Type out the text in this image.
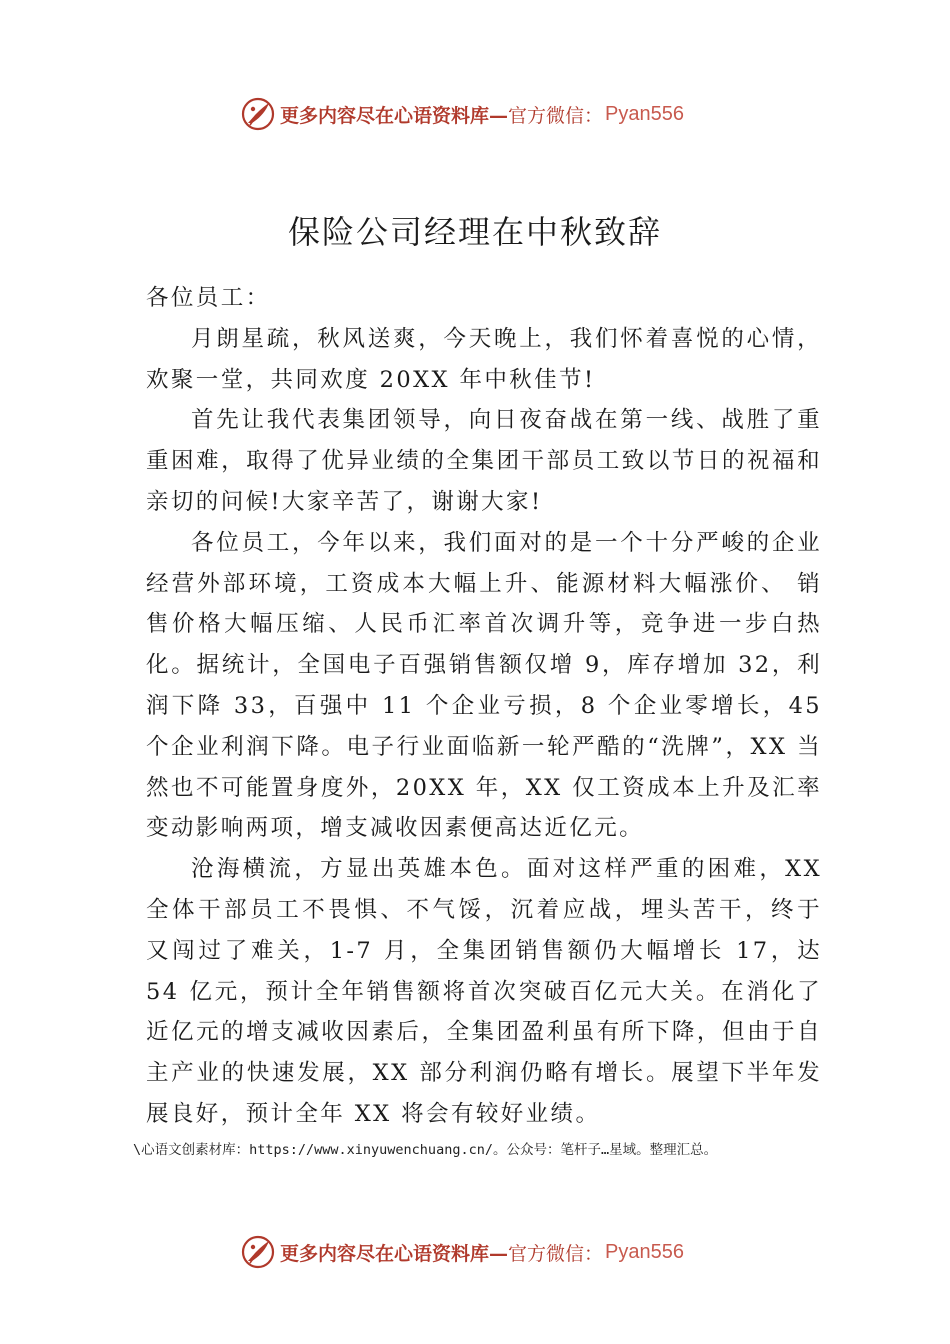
更多内容尽在心语资料库— 官方微信： Pyan556
保险公司经理在中秋致辞

各位员工：

月朗星疏，秋风送爽，今天晚上，我们怀着喜悦的心情，欢聚一堂，共同欢度 20XX 年中秋佳节!

首先让我代表集团领导，向日夜奋战在第一线、战胜了重重困难，取得了优异业绩的全集团干部员工致以节日的祝福和亲切的问候!大家辛苦了，谢谢大家!

各位员工，今年以来，我们面对的是一个十分严峻的企业经营外部环境，工资成本大幅上升、能源材料大幅涨价、 销售价格大幅压缩、人民币汇率首次调升等，竞争进一步白热化。据统计，全国电子百强销售额仅增 9，库存增加 32，利润下降 33，百强中 11 个企业亏损，8 个企业零增长，45 个企业利润下降。电子行业面临新一轮严酷的“洗牌”，XX 当然也不可能置身度外，20XX 年，XX 仅工资成本上升及汇率变动影响两项，增支减收因素便高达近亿元。

沧海横流，方显出英雄本色。面对这样严重的困难，XX 全体干部员工不畏惧、不气馁，沉着应战，埋头苦干，终于 又闯过了难关，1-7 月，全集团销售额仍大幅增长 17，达 54 亿元，预计全年销售额将首次突破百亿元大关。在消化了近亿元的增支减收因素后，全集团盈利虽有所下降，但由于自主产业的快速发展，XX 部分利润仍略有增长。展望下半年发展良好，预计全年 XX 将会有较好业绩。

\心语文创素材库：https://www.xinyuwenchuang.cn/。公众号：笔杆子…星域。整理汇总。
更多内容尽在心语资料库— 官方微信： Pyan556
